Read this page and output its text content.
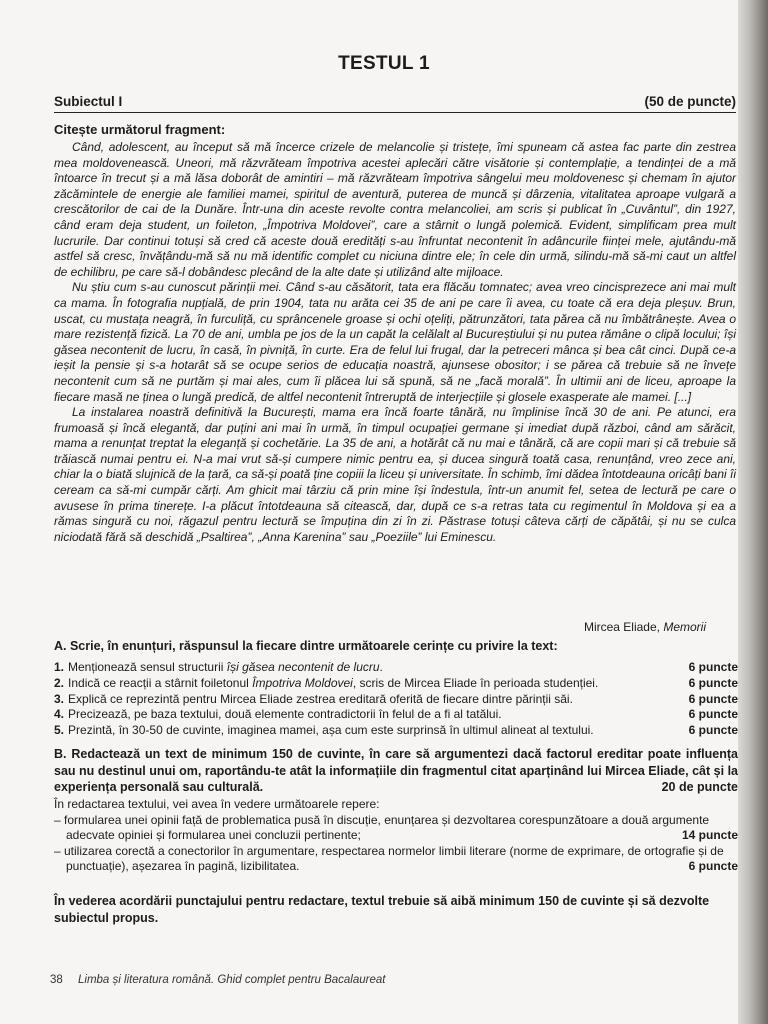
TESTUL 1
Subiectul I	(50 de puncte)
Citește următorul fragment:

Când, adolescent, au început să mă încerce crizele de melancolie și tristețe, îmi spuneam că astea fac parte din zestrea mea moldovenească. Uneori, mă răzvrăteam împotriva acestei aplecări către visătorie și contemplație, a tendinței de a mă întoarce în trecut și a mă lăsa doborât de amintiri – mă răzvrăteam împotriva sângelui meu moldovenesc și chemam în ajutor zăcămintele de energie ale familiei mamei, spiritul de aventură, puterea de muncă și dârzenia, vitalitatea aproape vulgară a crescătorilor de cai de la Dunăre. Într-una din aceste revolte contra melancoliei, am scris și publicat în „Cuvântul”, din 1927, când eram deja student, un foileton, „Împotriva Moldovei”, care a stârnit o lungă polemică. Evident, simplificam prea mult lucrurile. Dar continui totuși să cred că aceste două eredități s-au înfruntat necontenit în adâncurile ființei mele, ajutându-mă astfel să cresc, învățându-mă să nu mă identific complet cu niciuna dintre ele; în cele din urmă, silindu-mă să-mi caut un altfel de echilibru, pe care să-l dobândesc plecând de la alte date și utilizând alte mijloace.

Nu știu cum s-au cunoscut părinții mei. Când s-au căsătorit, tata era flăcău tomnatec; avea vreo cincisprezece ani mai mult ca mama. În fotografia nupțială, de prin 1904, tata nu arăta cei 35 de ani pe care îi avea, cu toate că era deja pleșuv. Brun, uscat, cu mustața neagră, în furculiță, cu sprâncenele groase și ochi oțeliți, pătrunzători, tata părea că nu îmbătrânește. Avea o mare rezistență fizică. La 70 de ani, umbla pe jos de la un capăt la celălalt al Bucureștiului și nu putea rămâne o clipă locului; își găsea necontenit de lucru, în casă, în pivniță, în curte. Era de felul lui frugal, dar la petreceri mânca și bea cât cinci. După ce-a ieșit la pensie și s-a hotarât să se ocupe serios de educația noastră, ajunsese obositor; i se părea că trebuie să ne învețe necontenit cum să ne purtăm și mai ales, cum îi plăcea lui să spună, să ne „facă morală”. În ultimii ani de liceu, aproape la fiecare masă ne ținea o lungă predică, de altfel necontenit întreruptă de interjecțiile și glosele exasperate ale mamei. [...]

La instalarea noastră definitivă la București, mama era încă foarte tânără, nu împlinise încă 30 de ani. Pe atunci, era frumoasă și încă elegantă, dar puțini ani mai în urmă, în timpul ocupației germane și imediat după război, când am sărăcit, mama a renunțat treptat la eleganță și cochetărie. La 35 de ani, a hotărât că nu mai e tânără, că are copii mari și că trebuie să trăiască numai pentru ei. N-a mai vrut să-și cumpere nimic pentru ea, și ducea singură toată casa, renunțând, vreo zece ani, chiar la o biată slujnică de la țară, ca să-și poată ține copiii la liceu și universitate. În schimb, îmi dădea întotdeauna oricâți bani îi ceream ca să-mi cumpăr cărți. Am ghicit mai târziu că prin mine își îndestula, într-un anumit fel, setea de lectură pe care o avusese în prima tinerețe. I-a plăcut întotdeauna să citească, dar, după ce s-a retras tata cu regimentul în Moldova și ea a rămas singură cu noi, răgazul pentru lectură se împuțina din zi în zi. Păstrase totuși câteva cărți de căpătâi, și nu se culca niciodată fără să deschidă „Psaltirea”, „Anna Karenina” sau „Poeziile” lui Eminescu.

Mircea Eliade, Memorii
A. Scrie, în enunțuri, răspunsul la fiecare dintre următoarele cerințe cu privire la text:
1. Menționează sensul structurii își găsea necontenit de lucru.	6 puncte
2. Indică ce reacții a stârnit foiletonul Împotriva Moldovei, scris de Mircea Eliade în perioada studenției.	6 puncte
3. Explică ce reprezintă pentru Mircea Eliade zestrea ereditară oferită de fiecare dintre părinții săi.	6 puncte
4. Precizează, pe baza textului, două elemente contradictorii în felul de a fi al tatălui.	6 puncte
5. Prezintă, în 30-50 de cuvinte, imaginea mamei, așa cum este surprinsă în ultimul alineat al textului.	6 puncte
B. Redactează un text de minimum 150 de cuvinte, în care să argumentezi dacă factorul ereditar poate influența sau nu destinul unui om, raportându-te atât la informațiile din fragmentul citat aparținând lui Mircea Eliade, cât și la experiența personală sau culturală.	20 de puncte
În redactarea textului, vei avea în vedere următoarele repere:
– formularea unei opinii față de problematica pusă în discuție, enunțarea și dezvoltarea corespunzătoare a două argumente adecvate opiniei și formularea unei concluzii pertinente;	14 puncte
– utilizarea corectă a conectorilor în argumentare, respectarea normelor limbii literare (norme de exprimare, de ortografie și de punctuație), așezarea în pagină, lizibilitatea.	6 puncte
În vederea acordării punctajului pentru redactare, textul trebuie să aibă minimum 150 de cuvinte și să dezvolte subiectul propus.
38 Limba și literatura română. Ghid complet pentru Bacalaureat
